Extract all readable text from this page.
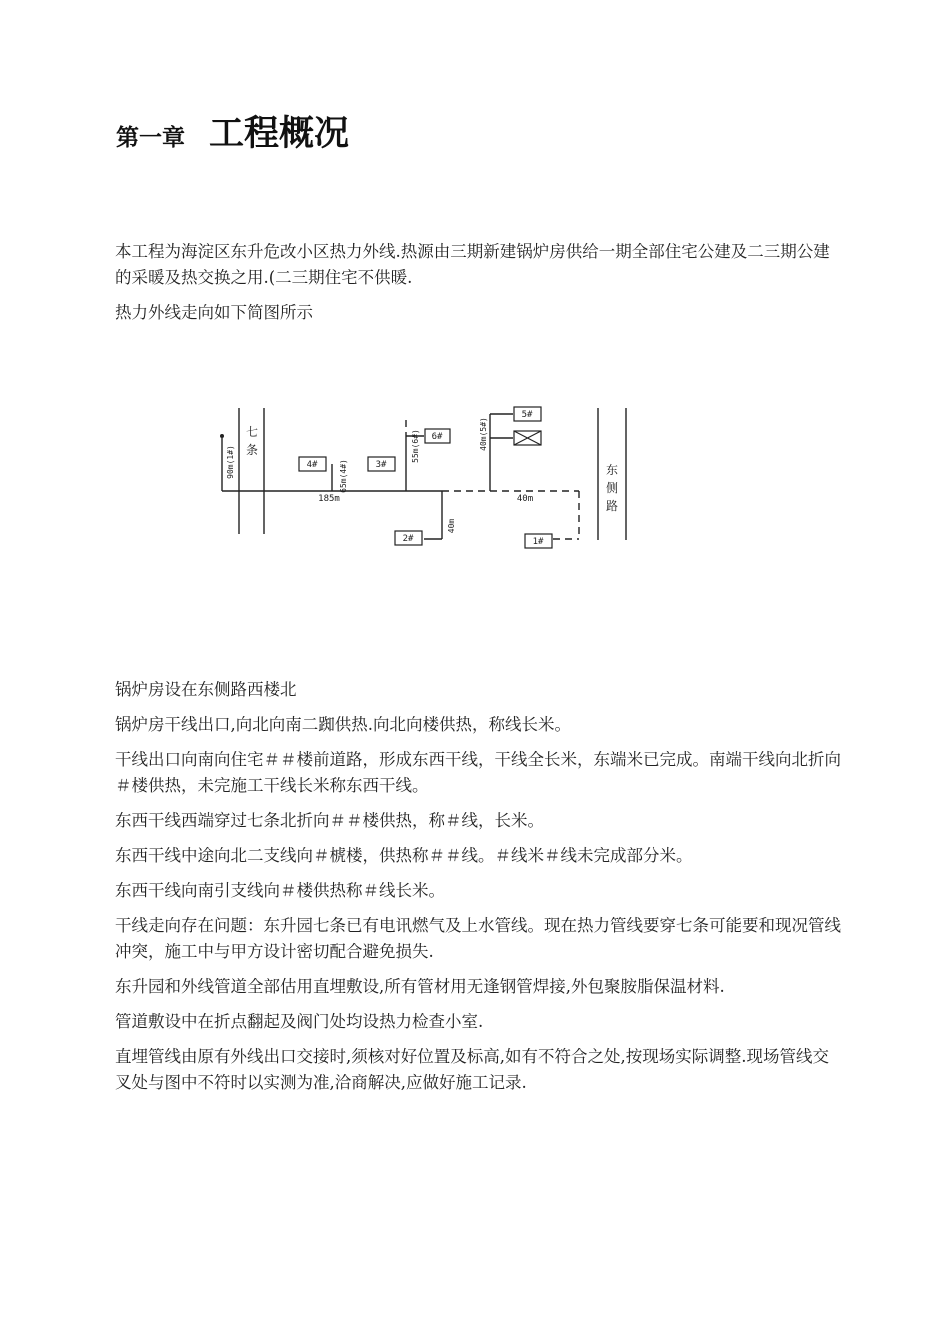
第一章 工程概况

本工程为海淀区东升危改小区热力外线.热源由三期新建锅炉房供给一期全部住宅公建及二三期公建的采暖及热交换之用.(二三期住宅不供暖.

热力外线走向如下简图所示

5#
6#
4#	3#
2#	1#
185m	40m
90m(1#)	65m(4#)
55m(6#)	40m(5#)
40m
七
条
东
侧
路

锅炉房设在东侧路西楼北

锅炉房干线出口,向北向南二踟供热.向北向楼供热，称线长米。

干线出口向南向住宅＃＃楼前道路，形成东西干线，干线全长米，东端米已完成。南端干线向北折向＃楼供热，未完施工干线长米称东西干线。

东西干线西端穿过七条北折向＃＃楼供热，称＃线，长米。

东西干线中途向北二支线向＃椃楼，供热称＃＃线。＃线米＃线未完成部分米。

东西干线向南引支线向＃楼供热称＃线长米。

干线走向存在问题：东升园七条已有电讯燃气及上水管线。现在热力管线要穿七条可能要和现况管线冲突，施工中与甲方设计密切配合避免损失.

东升园和外线管道全部估用直埋敷设,所有管材用无逢钢管焊接,外包聚胺脂保温材料.

管道敷设中在折点翻起及阀门处均设热力检查小室.

直埋管线由原有外线出口交接时,须核对好位置及标高,如有不符合之处,按现场实际调整.现场管线交叉处与图中不符时以实测为准,洽商解决,应做好施工记录.
